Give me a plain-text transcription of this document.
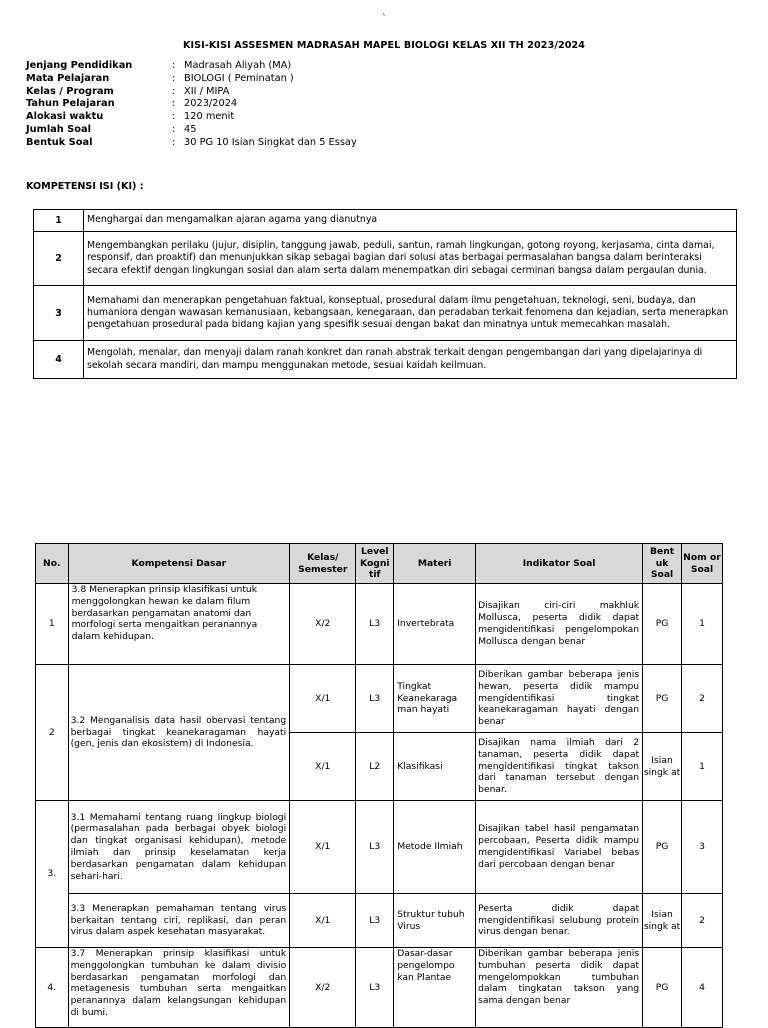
`
KISI-KISI ASSESMEN MADRASAH MAPEL BIOLOGI KELAS XII TH 2023/2024
Jenjang Pendidikan	: Madrasah Aliyah (MA)
Mata Pelajaran	: BIOLOGI ( Peminatan )
Kelas / Program	: XII / MIPA
Tahun Pelajaran	: 2023/2024
Alokasi waktu	: 120 menit
Jumlah Soal	: 45
Bentuk Soal	: 30 PG 10 Isian Singkat dan 5 Essay
KOMPETENSI ISI (KI) :
1	Menghargai dan mengamalkan ajaran agama yang dianutnya
2	Mengembangkan perilaku (jujur, disiplin, tanggung jawab, peduli, santun, ramah lingkungan, gotong royong, kerjasama, cinta damai, responsif, dan proaktif) dan menunjukkan sikap sebagai bagian dari solusi atas berbagai permasalahan bangsa dalam berinteraksi secara efektif dengan lingkungan sosial dan alam serta dalam menempatkan diri sebagai cerminan bangsa dalam pergaulan dunia.
3	Memahami dan menerapkan pengetahuan faktual, konseptual, prosedural dalam ilmu pengetahuan, teknologi, seni, budaya, dan humaniora dengan wawasan kemanusiaan, kebangsaan, kenegaraan, dan peradaban terkait fenomena dan kejadian, serta menerapkan pengetahuan prosedural pada bidang kajian yang spesifik sesuai dengan bakat dan minatnya untuk memecahkan masalah.
4	Mengolah, menalar, dan menyaji dalam ranah konkret dan ranah abstrak terkait dengan pengembangan dari yang dipelajarinya di sekolah secara mandiri, dan mampu menggunakan metode, sesuai kaidah keilmuan.
No.	Kompetensi Dasar	Kelas/ Semester	Level Kogni tif	Materi	Indikator Soal	Bent uk Soal	Nom or Soal
1	3.8 Menerapkan prinsip klasifikasi untuk menggolongkan hewan ke dalam filum berdasarkan pengamatan anatomi dan morfologi serta mengaitkan peranannya dalam kehidupan.	X/2	L3	Invertebrata	Disajikan ciri-ciri makhluk Mollusca, peserta didik dapat mengidentifikasi pengelompokan Mollusca dengan benar	PG	1
2	3.2 Menganalisis data hasil obervasi tentang berbagai tingkat keanekaragaman hayati (gen, jenis dan ekosistem) di Indonesia.	X/1	L3	Tingkat Keanekaraga man hayati	Diberikan gambar beberapa jenis hewan, peserta didik mampu mengidentifikasi tingkat keanekaragaman hayati dengan benar	PG	2
		X/1	L2	Klasifikasi	Disajikan nama ilmiah dari 2 tanaman, peserta didik dapat mengidentifikasi tingkat takson dari tanaman tersebut dengan benar.	Isian singk at	1
3.	3.1 Memahami tentang ruang lingkup biologi (permasalahan pada berbagai obyek biologi dan tingkat organisasi kehidupan), metode ilmiah dan prinsip keselamatan kerja berdasarkan pengamatan dalam kehidupan sehari-hari.	X/1	L3	Metode Ilmiah	Disajikan tabel hasil pengamatan percobaan, Peserta didik mampu mengidentifikasi Variabel bebas dari percobaan dengan benar	PG	3
	3.3 Menerapkan pemahaman tentang virus berkaitan tentang ciri, replikasi, dan peran virus dalam aspek kesehatan masyarakat.	X/1	L3	Struktur tubuh Virus	Peserta didik dapat mengidentifikasi selubung protein virus dengan benar.	Isian singk at	2
4.	3.7 Menerapkan prinsip klasifikasi untuk menggolongkan tumbuhan ke dalam divisio berdasarkan pengamatan morfologi dan metagenesis tumbuhan serta mengaitkan peranannya dalam kelangsungan kehidupan di bumi.	X/2	L3	Dasar-dasar pengelompo kan Plantae	Diberikan gambar beberapa jenis tumbuhan peserta didik dapat mengelompokkan tumbuhan dalam tingkatan takson yang sama dengan benar	PG	4
